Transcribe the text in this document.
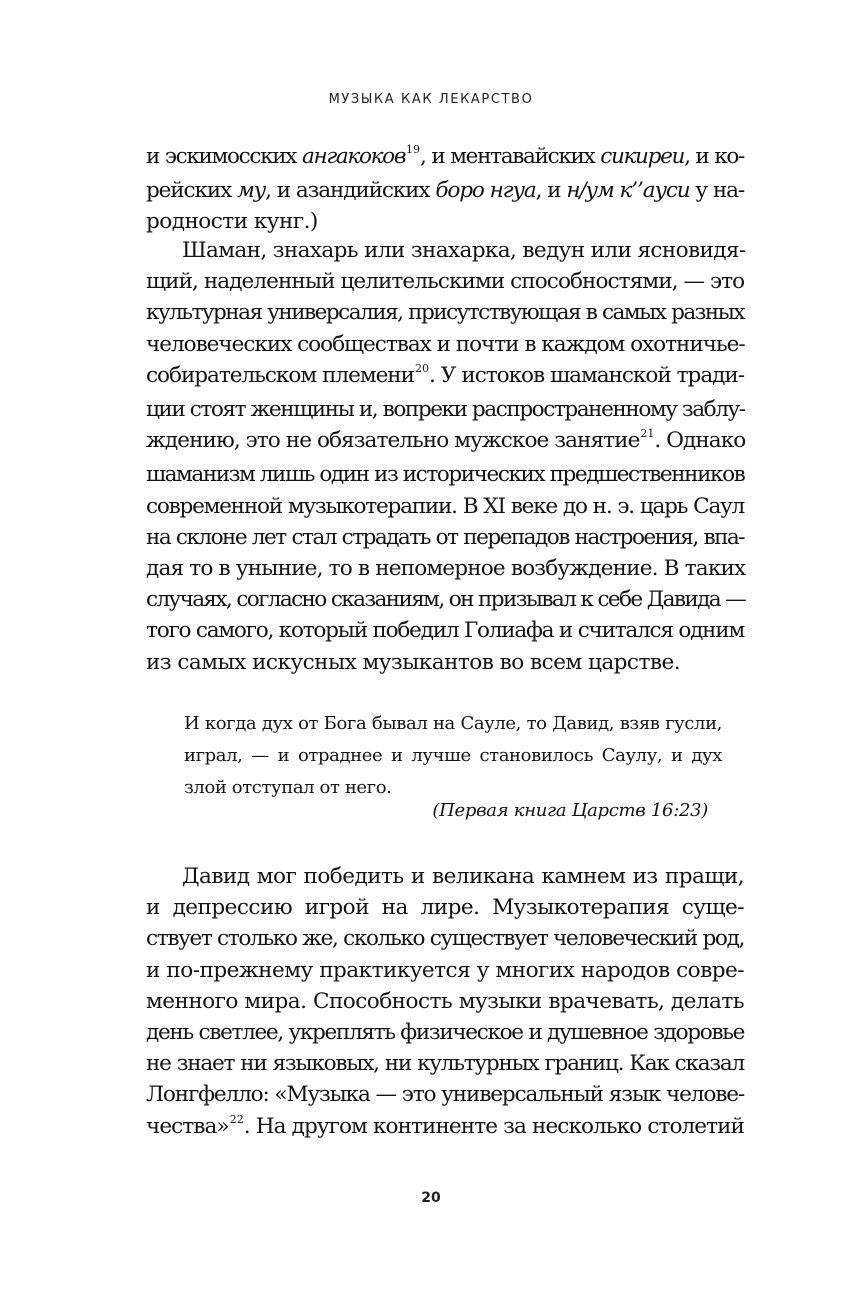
МУЗЫКА КАК ЛЕКАРСТВО
и эскимосских ангакоков$^{19}$, и ментавайских сикиреи, и ко-
рейских му, и азандийских боро нгуа, и н/ум к’’ауси у на-
родности кунг.)
Шаман, знахарь или знахарка, ведун или ясновидя-
щий, наделенный целительскими способностями, — это
культурная универсалия, присутствующая в самых разных
человеческих сообществах и почти в каждом охотничье-
собирательском племени$^{20}$. У истоков шаманской тради-
ции стоят женщины и, вопреки распространенному заблу-
ждению, это не обязательно мужское занятие$^{21}$. Однако
шаманизм лишь один из исторических предшественников
современной музыкотерапии. В XI веке до н. э. царь Саул
на склоне лет стал страдать от перепадов настроения, впа-
дая то в уныние, то в непомерное возбуждение. В таких
случаях, согласно сказаниям, он призывал к себе Давида —
того самого, который победил Голиафа и считался одним
из самых искусных музыкантов во всем царстве.
И когда дух от Бога бывал на Сауле, то Давид, взяв гусли,
играл, — и отраднее и лучше становилось Саулу, и дух
злой отступал от него.
(Первая книга Царств 16:23)
Давид мог победить и великана камнем из пращи,
и депрессию игрой на лире. Музыкотерапия суще-
ствует столько же, сколько существует человеческий род,
и по-прежнему практикуется у многих народов совре-
менного мира. Способность музыки врачевать, делать
день светлее, укреплять физическое и душевное здоровье
не знает ни языковых, ни культурных границ. Как сказал
Лонгфелло: «Музыка — это универсальный язык челове-
чества»$^{22}$. На другом континенте за несколько столетий
20
